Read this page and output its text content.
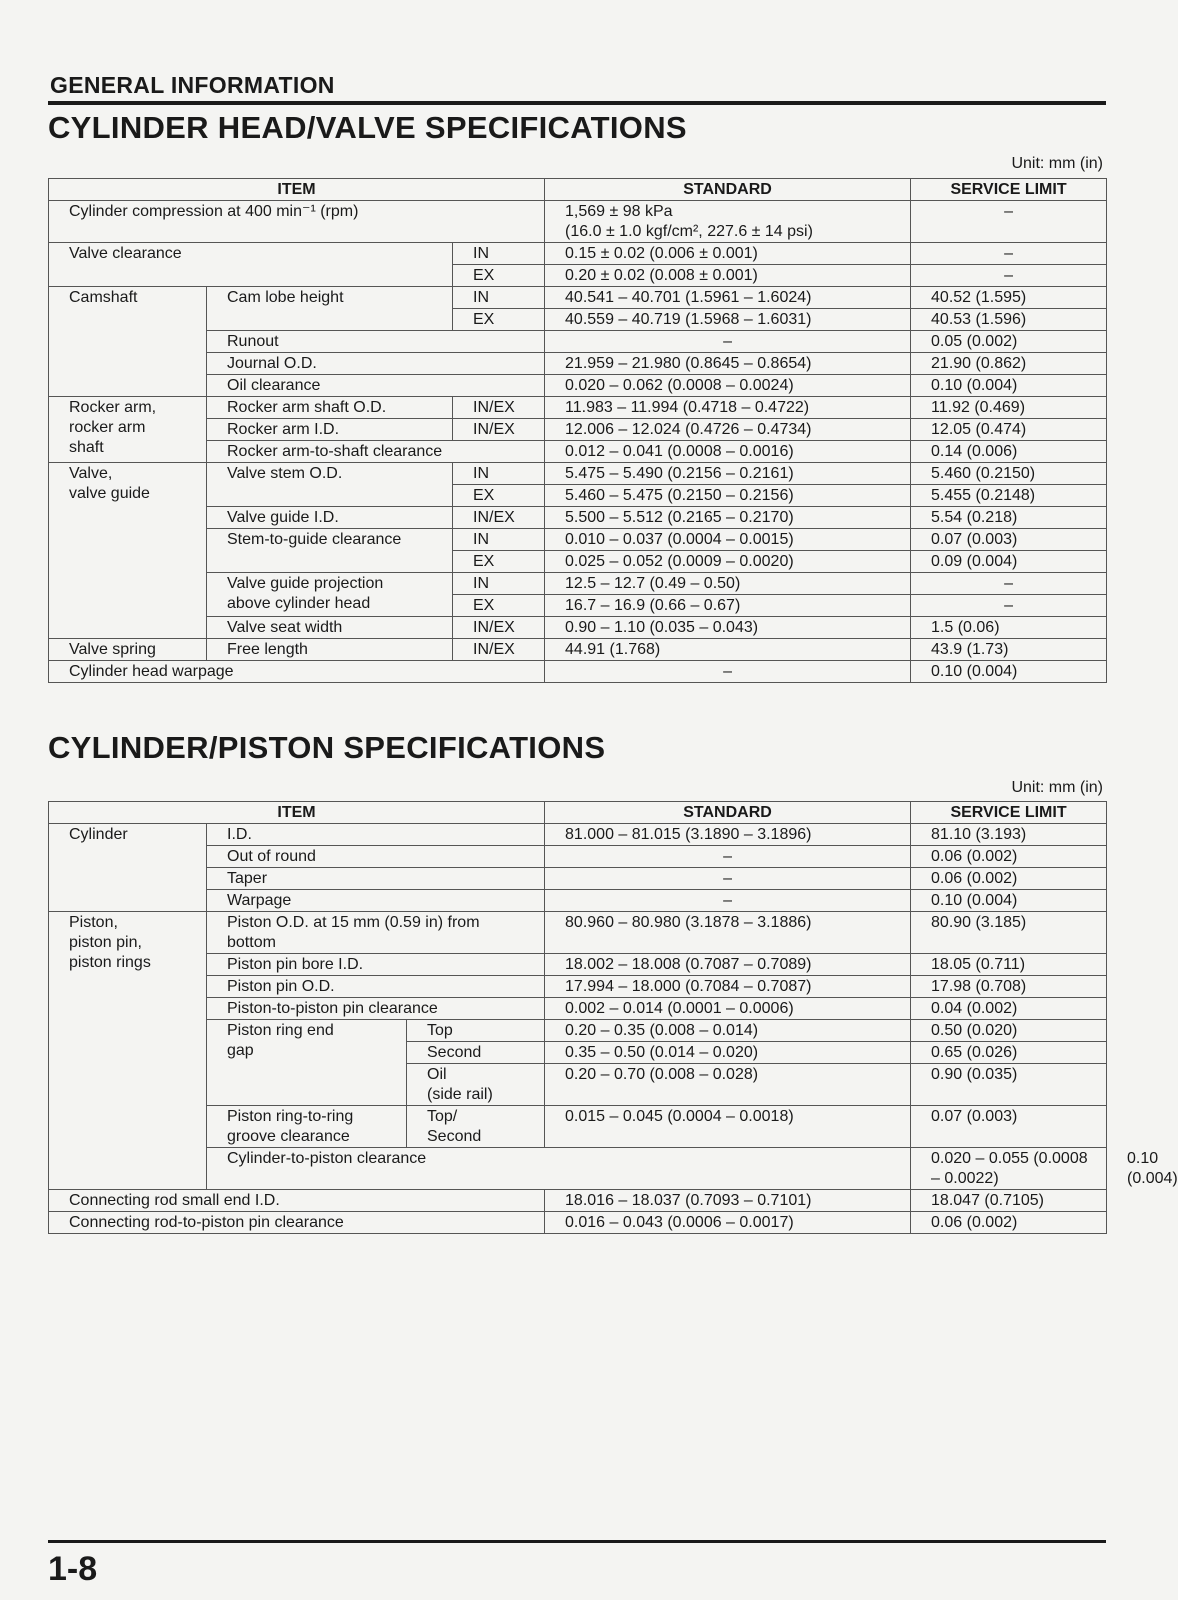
GENERAL INFORMATION
CYLINDER HEAD/VALVE SPECIFICATIONS
Unit: mm (in)
ITEM			STANDARD	SERVICE LIMIT
Cylinder compression at 400 min⁻¹ (rpm)			1,569 ± 98 kPa
(16.0 ± 1.0 kgf/cm², 227.6 ± 14 psi)	–
Valve clearance		IN	0.15 ± 0.02 (0.006 ± 0.001)	–
		EX	0.20 ± 0.02 (0.008 ± 0.001)	–
Camshaft	Cam lobe height	IN	40.541 – 40.701 (1.5961 – 1.6024)	40.52 (1.595)
		EX	40.559 – 40.719 (1.5968 – 1.6031)	40.53 (1.596)
	Runout		–	0.05 (0.002)
	Journal O.D.		21.959 – 21.980 (0.8645 – 0.8654)	21.90 (0.862)
	Oil clearance		0.020 – 0.062 (0.0008 – 0.0024)	0.10 (0.004)
Rocker arm,
rocker arm
shaft	Rocker arm shaft O.D.	IN/EX	11.983 – 11.994 (0.4718 – 0.4722)	11.92 (0.469)
	Rocker arm I.D.	IN/EX	12.006 – 12.024 (0.4726 – 0.4734)	12.05 (0.474)
	Rocker arm-to-shaft clearance		0.012 – 0.041 (0.0008 – 0.0016)	0.14 (0.006)
Valve,
valve guide	Valve stem O.D.	IN	5.475 – 5.490 (0.2156 – 0.2161)	5.460 (0.2150)
		EX	5.460 – 5.475 (0.2150 – 0.2156)	5.455 (0.2148)
	Valve guide I.D.	IN/EX	5.500 – 5.512 (0.2165 – 0.2170)	5.54 (0.218)
	Stem-to-guide clearance	IN	0.010 – 0.037 (0.0004 – 0.0015)	0.07 (0.003)
		EX	0.025 – 0.052 (0.0009 – 0.0020)	0.09 (0.004)
	Valve guide projection
above cylinder head	IN	12.5 – 12.7 (0.49 – 0.50)	–
		EX	16.7 – 16.9 (0.66 – 0.67)	–
	Valve seat width	IN/EX	0.90 – 1.10 (0.035 – 0.043)	1.5 (0.06)
Valve spring	Free length	IN/EX	44.91 (1.768)	43.9 (1.73)
Cylinder head warpage			–	0.10 (0.004)
CYLINDER/PISTON SPECIFICATIONS
Unit: mm (in)
ITEM			STANDARD	SERVICE LIMIT	
Cylinder	I.D.		81.000 – 81.015 (3.1890 – 3.1896)	81.10 (3.193)	
	Out of round		–	0.06 (0.002)	
	Taper		–	0.06 (0.002)	
	Warpage		–	0.10 (0.004)	
Piston,
piston pin,
piston rings	Piston O.D. at 15 mm (0.59 in) from
bottom		80.960 – 80.980 (3.1878 – 3.1886)	80.90 (3.185)	
	Piston pin bore I.D.		18.002 – 18.008 (0.7087 – 0.7089)	18.05 (0.711)	
	Piston pin O.D.		17.994 – 18.000 (0.7084 – 0.7087)	17.98 (0.708)	
	Piston-to-piston pin clearance		0.002 – 0.014 (0.0001 – 0.0006)	0.04 (0.002)	
	Piston ring end
gap	Top	0.20 – 0.35 (0.008 – 0.014)	0.50 (0.020)	
		Second	0.35 – 0.50 (0.014 – 0.020)	0.65 (0.026)	
		Oil
(side rail)	0.20 – 0.70 (0.008 – 0.028)	0.90 (0.035)	
	Piston ring-to-ring
groove clearance	Top/
Second	0.015 – 0.045 (0.0004 – 0.0018)	0.07 (0.003)	
	Cylinder-to-piston clearance			0.020 – 0.055 (0.0008 – 0.0022)	0.10 (0.004)
Connecting rod small end I.D.			18.016 – 18.037 (0.7093 – 0.7101)	18.047 (0.7105)	
Connecting rod-to-piston pin clearance			0.016 – 0.043 (0.0006 – 0.0017)	0.06 (0.002)	
1-8
